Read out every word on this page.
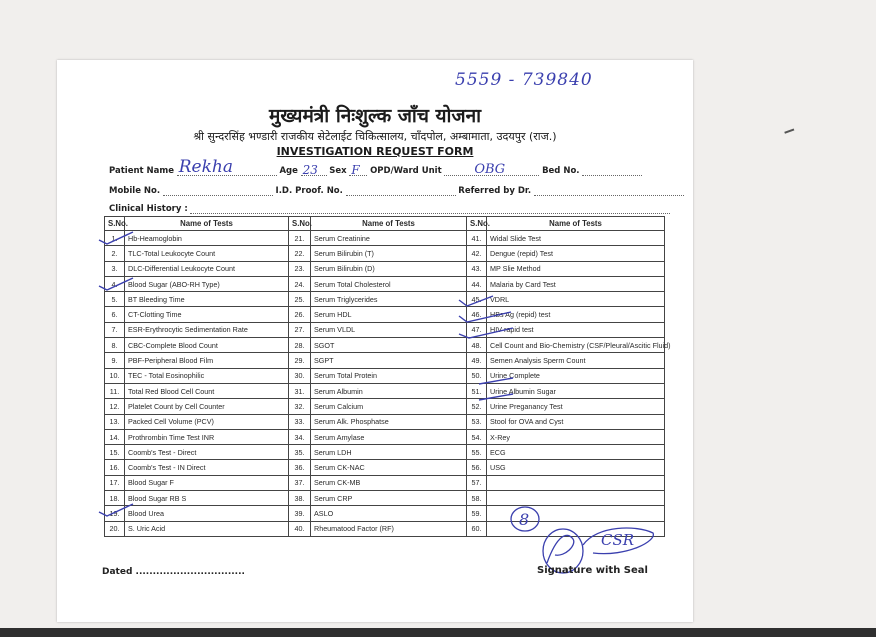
5559 - 739840
मुख्यमंत्री निःशुल्क जाँच योजना
श्री सुन्दरसिंह भण्डारी राजकीय सेटेलाईट चिकित्सालय, चाँदपोल, अम्बामाता, उदयपुर (राज.)
INVESTIGATION REQUEST FORM
Patient Name Rekha	Age 23 Sex F OPD/Ward Unit	OBG	Bed No.
Mobile No.	I.D. Proof. No.	Referred by Dr.
Clinical History :
S.No.	Name of Tests	S.No.	Name of Tests	S.No.	Name of Tests
1.	Hb-Heamoglobin	21.	Serum Creatinine	41.	Widal Slide Test
2.	TLC-Total Leukocyte Count	22.	Serum Bilirubin (T)	42.	Dengue (repid) Test
3.	DLC-Differential Leukocyte Count	23.	Serum Bilirubin (D)	43.	MP Slie Method
4.	Blood Sugar (ABO-RH Type)	24.	Serum Total Cholesterol	44.	Malaria by Card Test
5.	BT Bleeding Time	25.	Serum Triglycerides	45.	VDRL
6.	CT-Clotting Time	26.	Serum HDL	46.	HBs Ag (repid) test
7.	ESR-Erythrocytic Sedimentation Rate	27.	Serum VLDL	47.	HIV rapid test
8.	CBC-Complete Blood Count	28.	SGOT	48.	Cell Count and Bio-Chemistry (CSF/Pleural/Ascitic Fluid)
9.	PBF-Peripheral Blood Film	29.	SGPT	49.	Semen Analysis Sperm Count
10.	TEC - Total Eosinophilic	30.	Serum Total Protein	50.	Urine Complete
11.	Total Red Blood Cell Count	31.	Serum Albumin	51.	Urine Albumin Sugar
12.	Platelet Count by Cell Counter	32.	Serum Calcium	52.	Urine Preganancy Test
13.	Packed Cell Volume (PCV)	33.	Serum Alk. Phosphatse	53.	Stool for OVA and Cyst
14.	Prothrombin Time Test INR	34.	Serum Amylase	54.	X-Rey
15.	Coomb's Test - Direct	35.	Serum LDH	55.	ECG
16.	Coomb's Test - IN Direct	36.	Serum CK-NAC	56.	USG
17.	Blood Sugar F	37.	Serum CK-MB	57.	
18.	Blood Sugar RB S	38.	Serum CRP	58.	
19.	Blood Urea	39.	ASLO	59.	
20.	S. Uric Acid	40.	Rheumatood Factor (RF)	60.	8
CSR
Dated ................................	Signature with Seal
